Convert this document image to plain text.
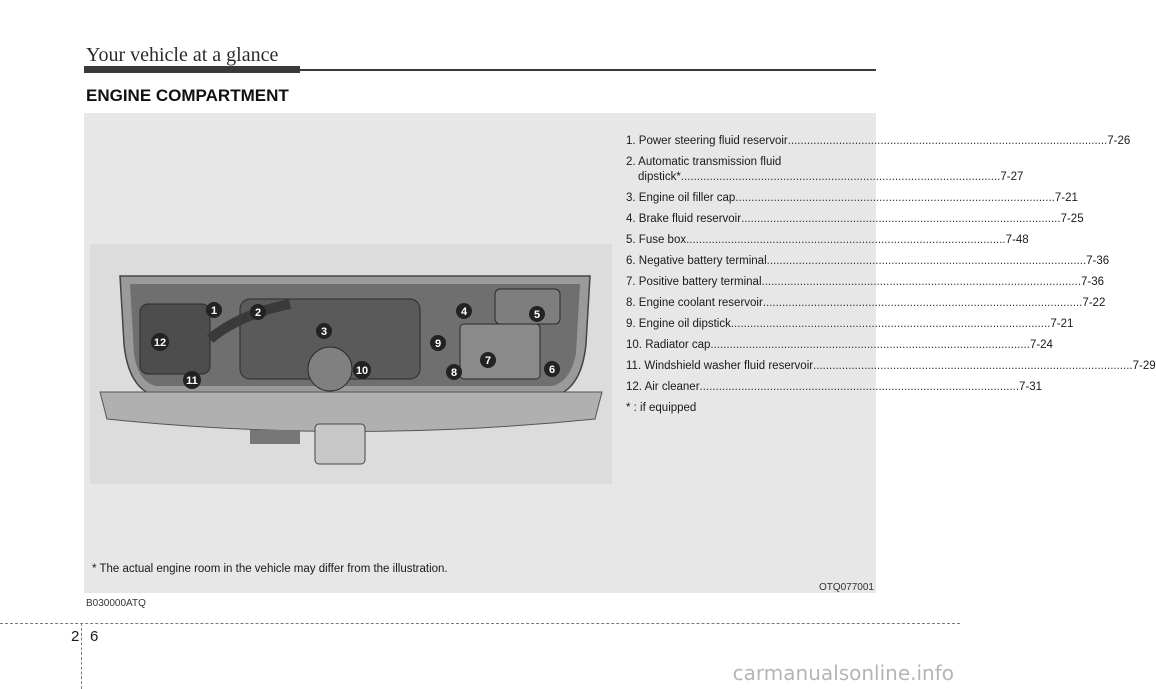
Your vehicle at a glance
ENGINE COMPARTMENT
1	2
3
4	5
6
7
8
9
10
11
12
1. Power steering fluid reservoir .....	7-26
2. Automatic transmission fluid
dipstick* .....	7-27
3. Engine oil filler cap .....	7-21
4. Brake fluid reservoir .....	7-25
5. Fuse box .....	7-48
6. Negative battery terminal .....	7-36
7. Positive battery terminal .....	7-36
8. Engine coolant reservoir .....	7-22
9. Engine oil dipstick .....	7-21
10. Radiator cap .....	7-24
11. Windshield washer fluid reservoir .....	7-29
12. Air cleaner .....	7-31
* : if equipped
* The actual engine room in the vehicle may differ from the illustration.
OTQ077001
B030000ATQ
2 6
carmanualsonline.info
